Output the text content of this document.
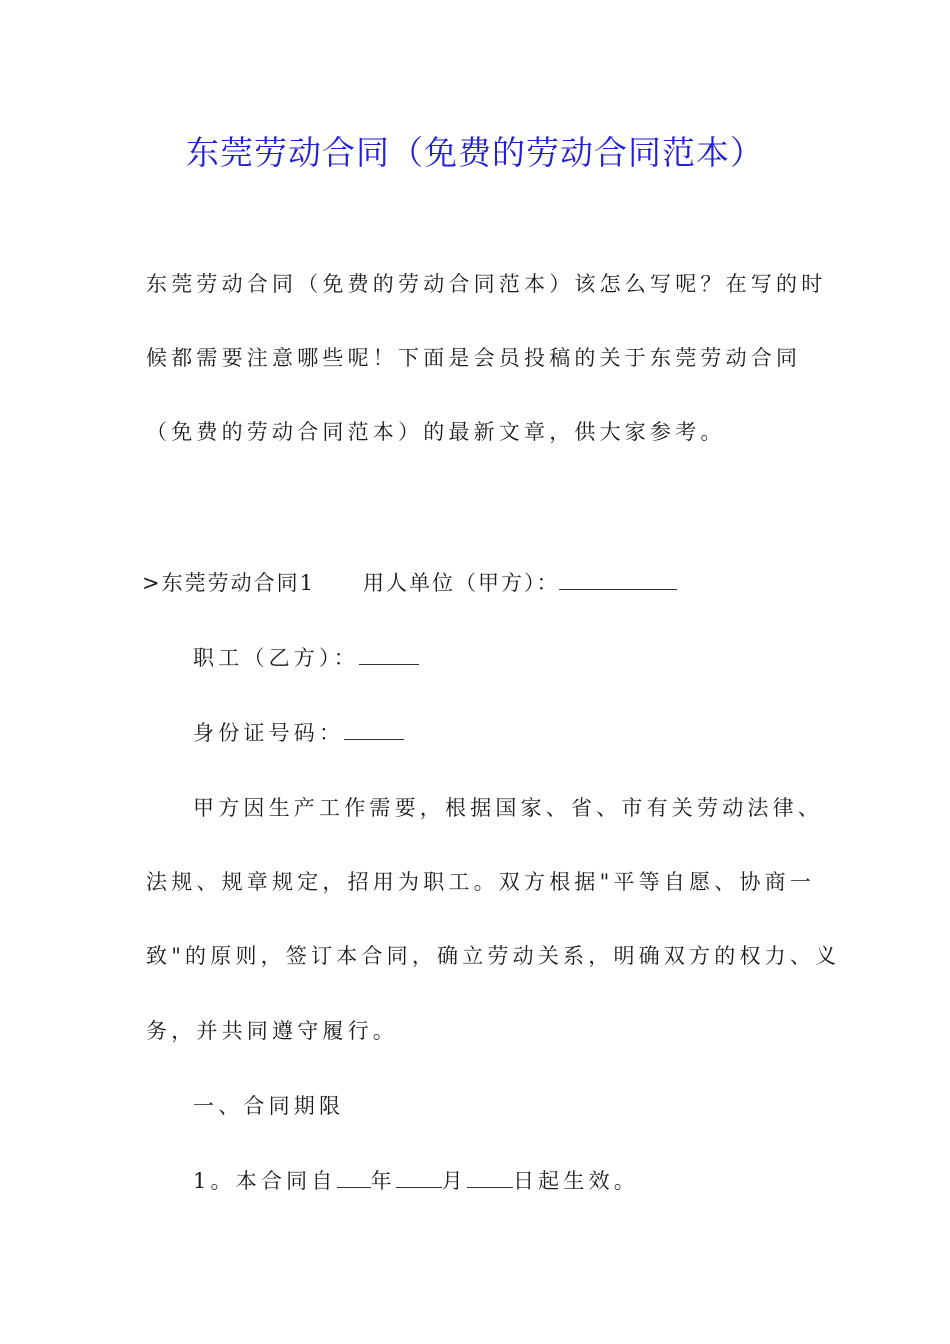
东莞劳动合同（免费的劳动合同范本）
东莞劳动合同（免费的劳动合同范本）该怎么写呢？在写的时
候都需要注意哪些呢！下面是会员投稿的关于东莞劳动合同
（免费的劳动合同范本）的最新文章，供大家参考。
>东莞劳动合同1 用人单位（甲方）：
职工（乙方）：
身份证号码：
甲方因生产工作需要，根据国家、省、市有关劳动法律、
法规、规章规定，招用为职工。双方根据"平等自愿、协商一
致"的原则，签订本合同，确立劳动关系，明确双方的权力、义
务，并共同遵守履行。
一、合同期限
1。本合同自 年 月 日起生效。
